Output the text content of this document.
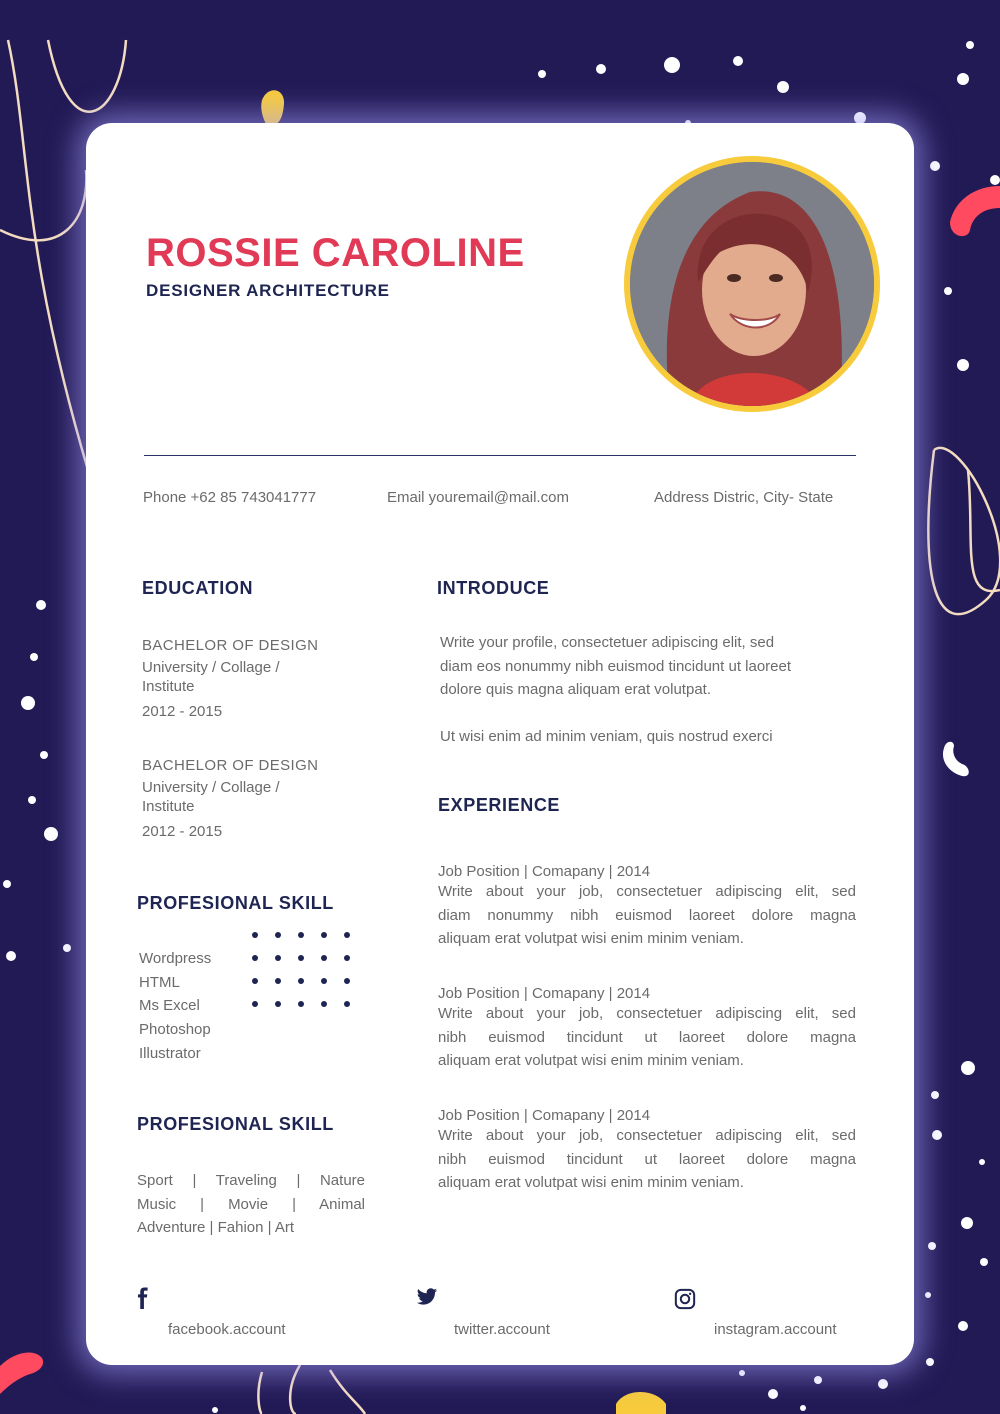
ROSSIE CAROLINE
DESIGNER ARCHITECTURE
Phone +62 85 743041777	Email youremail@mail.com	Address Distric, City- State
EDUCATION
BACHELOR OF DESIGN
University / Collage /
Institute
2012 - 2015
BACHELOR OF DESIGN
University / Collage /
Institute
2012 - 2015
PROFESIONAL SKILL
Wordpress
HTML
Ms Excel
Photoshop
Illustrator
PROFESIONAL SKILL
Sport | Traveling | Nature
Music | Movie | Animal
Adventure | Fahion | Art
INTRODUCE
Write your profile, consectetuer adipiscing elit, sed
diam eos nonummy nibh euismod tincidunt ut laoreet
dolore quis magna aliquam erat volutpat.
Ut wisi enim ad minim veniam, quis nostrud exerci
EXPERIENCE
Job Position | Comapany | 2014
Write about your job, consectetuer adipiscing elit, sed
diam nonummy nibh euismod laoreet dolore magna
aliquam erat volutpat wisi enim minim veniam.
Job Position | Comapany | 2014
Write about your job, consectetuer adipiscing elit, sed
nibh euismod tincidunt ut laoreet dolore magna
aliquam erat volutpat wisi enim minim veniam.
Job Position | Comapany | 2014
Write about your job, consectetuer adipiscing elit, sed
nibh euismod tincidunt ut laoreet dolore magna
aliquam erat volutpat wisi enim minim veniam.
facebook.account	twitter.account	instagram.account
